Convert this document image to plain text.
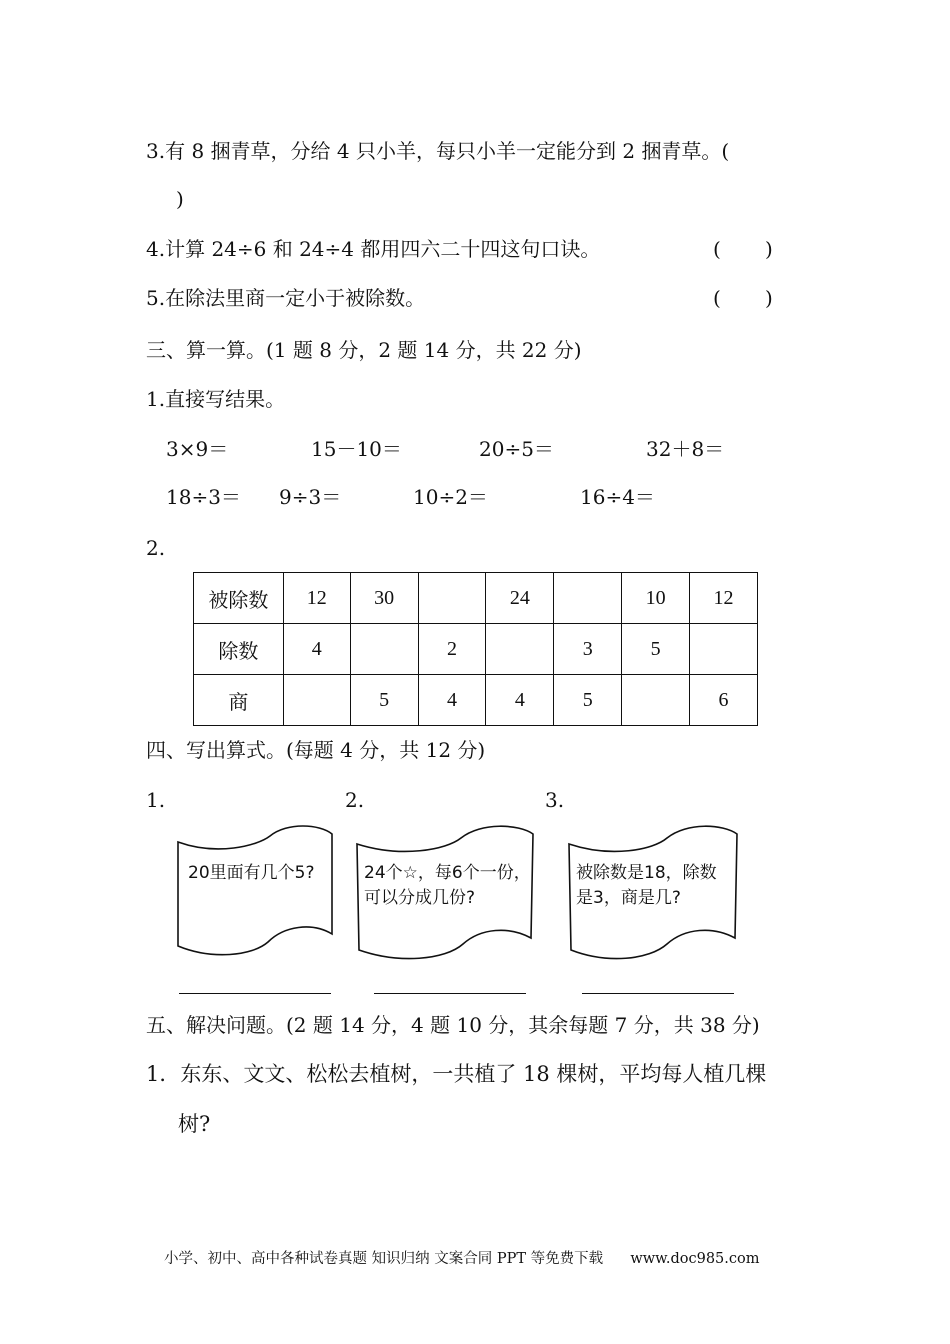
3.有 8 捆青草，分给 4 只小羊，每只小羊一定能分到 2 捆青草。(
)
4.计算 24÷6 和 24÷4 都用四六二十四这句口诀。	( )
5.在除法里商一定小于被除数。	( )
三、算一算。(1 题 8 分，2 题 14 分，共 22 分)
1.直接写结果。
3×9＝	15－10＝	20÷5＝	32＋8＝
18÷3＝ 9÷3＝	10÷2＝	16÷4＝
2.
被除数	12	30		24		10	12
除数	4		2		3	5	
商		5	4	4	5		6
四、写出算式。(每题 4 分，共 12 分)
1.	2.	3.
20里面有几个5?	24个☆，每6个一份，
可以分成几份?
被除数是18，除数
是3，商是几?
五、解决问题。(2 题 14 分，4 题 10 分，其余每题 7 分，共 38 分)
1．东东、文文、松松去植树，一共植了 18 棵树，平均每人植几棵
树?
小学、初中、高中各种试卷真题 知识归纳 文案合同 PPT 等免费下载 www.doc985.com
